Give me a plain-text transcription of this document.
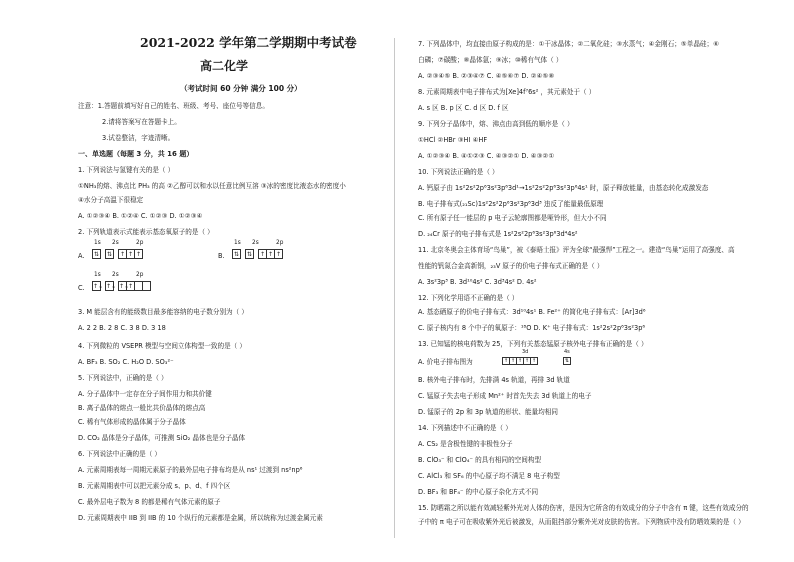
2021-2022 学年第二学期期中考试卷
高二化学
（考试时间 60 分钟 满分 100 分）
注意：1.答题前填写好自己的姓名、班级、考号、座位号等信息。
2.请将答案写在答题卡上。
3.试卷整洁，字迹清晰。
一、单选题（每题 3 分，共 16 题）
1. 下列说法与氢键有关的是（ ）
①NH₃的熔、沸点比 PH₃ 的高 ②乙醇可以和水以任意比例互溶 ③冰的密度比液态水的密度小
④水分子高温下很稳定
A. ①②③④ B. ①②④ C. ①②③ D. ①②③④
2. 下列轨道表示式能表示基态氧原子的是（ ）
A.
1s 2s	2p
⇅	⇅	↑ ↑ ↑	B.
1s 2s	2p
⇅	⇅	↑ ↑ ↑
C.
1s 2s	2p
↑↓ ↑↓ ↑↓
↑
3. M 能层含有的能级数目最多能容纳的电子数分别为（ ）
A. 2 2 B. 2 8 C. 3 8 D. 3 18
4. 下列微粒的 VSEPR 模型与空间立体构型一致的是（ ）
A. BF₃ B. SO₂ C. H₂O D. SO₃²⁻
5. 下列说法中，正确的是（ ）
A. 分子晶体中一定存在分子间作用力和共价键
B. 离子晶体的熔点一般比共价晶体的熔点高
C. 稀有气体形成的晶体属于分子晶体
D. CO₂ 晶体是分子晶体，可推测 SiO₂ 晶体也是分子晶体
6. 下列说法中正确的是（ ）
A. 元素周期表每一周期元素原子的最外层电子排布均是从 ns¹ 过渡到 ns²np⁶
B. 元素周期表中可以把元素分成 s、p、d、f 四个区
C. 最外层电子数为 8 的都是稀有气体元素的原子
D. 元素周期表中 IIB 到 IIB 的 10 个纵行的元素都是金属，所以统称为过渡金属元素
7. 下列晶体中，均直接由原子构成的是：①干冰晶体；②二氧化硅；③水蒸气；④金刚石；⑤单晶硅；⑥
白磷；⑦碳酸；⑧晶体氩；⑨冰；⑩稀有气体（ ）
A. ②③④⑤ B. ②③④⑦ C. ④⑤⑥⑦ D. ②④⑤⑧
8. 元素周期表中电子排布式为[Xe]4f⁷6s² ，其元素处于（ ）
A. s 区 B. p 区 C. d 区 D. f 区
9. 下列分子晶体中，熔、沸点由高到低的顺序是（ ）
①HCl ②HBr ③HI ④HF
A. ①②③④ B. ④①②③ C. ④③②① D. ④③②①
10. 下列说法正确的是（ ）
A. 钙原子由 1s²2s²2p⁶3s²3p⁶3d¹→1s²2s²2p⁶3s²3p⁶4s¹ 时，原子释放能量，由基态转化成激发态
B. 电子排布式(₂₁Sc)1s²2s²2p⁶3s²3p⁶3d³ 违反了能量最低原理
C. 所有原子任一能层的 p 电子云轮廓图都是哑铃形，但大小不同
D. ₂₄Cr 原子的电子排布式是 1s²2s²2p⁶3s²3p⁶3d⁴4s²
11. 北京冬奥会主体育场“鸟巢”，被《泰晤士报》评为全球“最强悍”工程之一。建造“鸟巢”运用了高强度、高
性能的钒氮合金高新钢，₂₃V 原子的价电子排布式正确的是（ ）
A. 3s²3p³ B. 3d¹⁰4s² C. 3d³4s² D. 4s²
12. 下列化学用语不正确的是（ ）
A. 基态硒原子的价电子排布式：3d¹⁰4s¹ B. Fe²⁺ 的简化电子排布式：[Ar]3d⁶
C. 原子核内有 8 个中子的氧原子：¹⁸O D. K⁺ 电子排布式：1s²2s²2p⁶3s²3p⁶
13. 已知锰的核电荷数为 25，下列有关基态锰原子核外电子排布正确的是（ ）
A. 价电子排布图为
3d	4s
↑ ↑ ↑ ↑ ↑	⇅
B. 核外电子排布时，先排满 4s 轨道，再排 3d 轨道
C. 锰原子失去电子形成 Mn²⁺ 时首先失去 3d 轨道上的电子
D. 锰原子的 2p 和 3p 轨道的形状、能量均相同
14. 下列描述中不正确的是（ ）
A. CS₂ 是含极性键的非极性分子
B. ClO₃⁻ 和 ClO₄⁻ 的具有相同的空间构型
C. AlCl₃ 和 SF₆ 的中心原子均不满足 8 电子构型
D. BF₃ 和 BF₄⁻ 的中心原子杂化方式不同
15. 防晒霜之所以能有效减轻紫外光对人体的伤害，是因为它所含的有效成分的分子中含有 π 键，这些有效成分的
子中的 π 电子可在吸收紫外光后被激发，从而阻挡部分紫外光对皮肤的伤害。下列物质中没有防晒效果的是（ ）
